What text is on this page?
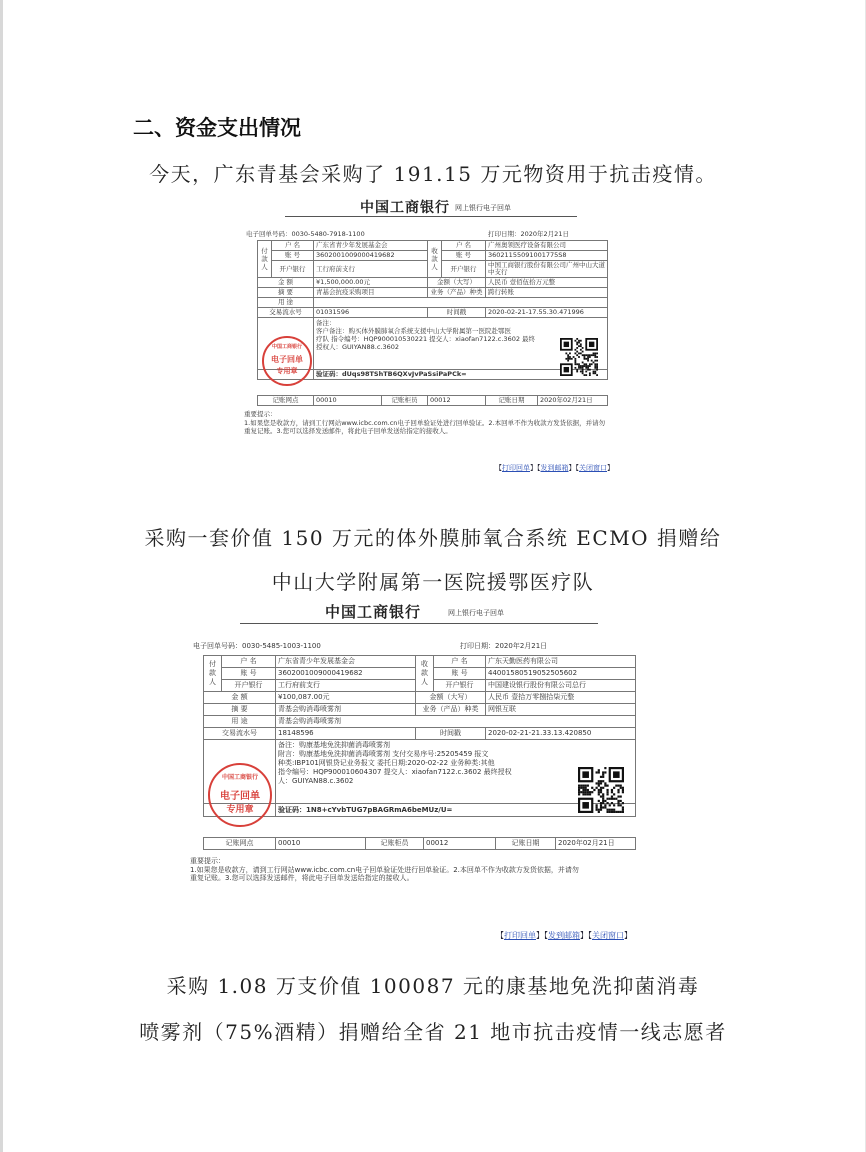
二、资金支出情况
今天，广东青基会采购了 191.15 万元物资用于抗击疫情。
中国工商银行 网上银行电子回单
电子回单号码：0030-5480-7918-1100	打印日期：2020年2月21日
付款人	户 名	广东省青少年发展基金会	收款人	户 名	广州奥领医疗设备有限公司
	账 号	3602001009000419682		账 号	36021155091001775S8
	开户银行	工行府前支行		开户银行	中国工商银行股份有限公司广州中山大道中支行
金 额		¥1,500,000.00元	金额（大写）		人民币 壹佰伍拾万元整
摘 要		青基会抗疫采购项目	业务（产品）种类		跨行转账
用 途					
交易流水号		01031596	时间戳		2020-02-21-17.55.30.471996

		备注：
客户备注：购买体外膜肺氧合系统支援中山大学附属第一医院赴鄂医
疗队 指令编号：HQP900010530221 提交人：xiaofan7122.c.3602 最终
授权人：GUIYAN88.c.3602			

		验证码：dUqs98TShTB6QXvJvPaSsiPaPCk=			
记账网点	00010	记账柜员	00012	记账日期	2020年02月21日
中国工商银行
电子回单
专用章
重要提示：
1.如果您是收款方，请到工行网站www.icbc.com.cn电子回单验证处进行回单验证。2.本回单不作为收款方发货依据，并请勿
重复记账。3.您可以选择发送邮件，将此电子回单发送给指定的接收人。
【打印回单】【发到邮箱】【关闭窗口】
采购一套价值 150 万元的体外膜肺氧合系统 ECMO 捐赠给
中山大学附属第一医院援鄂医疗队
中国工商银行	网上银行电子回单
电子回单号码：0030-5485-1003-1100	打印日期：2020年2月21日
付款人	户 名	广东省青少年发展基金会	收款人	户 名	广东天勤医药有限公司
	账 号	3602001009000419682		账 号	44001580519052505602
	开户银行	工行府前支行		开户银行	中国建设银行股份有限公司总行
金 额		¥100,087.00元	金额（大写）		人民币 壹拾万零捌拾柒元整
摘 要		青基会购消毒喷雾剂	业务（产品）种类		网银互联
用 途		青基会购消毒喷雾剂			
交易流水号		18148596	时间戳		2020-02-21-21.33.13.420850

		备注：购康基地免洗抑菌消毒喷雾剂
附言：购康基地免洗抑菌消毒喷雾剂 支付交易序号:25205459 报文
种类:IBP101网银贷记业务报文 委托日期:2020-02-22 业务种类:其他
指令编号：HQP900010604307 提交人：xiaofan7122.c.3602 最终授权
人：GUIYAN88.c.3602			

		验证码：1N8+cYvbTUG7pBAGRmA6beMUz/U=			
记账网点	00010	记账柜员	00012	记账日期	2020年02月21日
中国工商银行
电子回单
专用章
重要提示：
1.如果您是收款方，请到工行网站www.icbc.com.cn电子回单验证处进行回单验证。2.本回单不作为收款方发货依据，并请勿
重复记账。3.您可以选择发送邮件，将此电子回单发送给指定的接收人。
【打印回单】【发到邮箱】【关闭窗口】
采购 1.08 万支价值 100087 元的康基地免洗抑菌消毒
喷雾剂（75%酒精）捐赠给全省 21 地市抗击疫情一线志愿者
